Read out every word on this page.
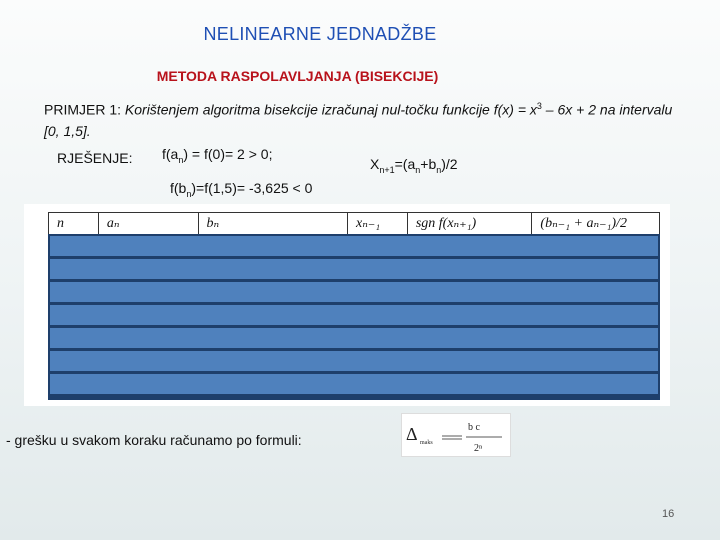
NELINEARNE JEDNADŽBE
METODA RASPOLAVLJANJA (BISEKCIJE)
PRIMJER 1: Korištenjem algoritma bisekcije izračunaj nul-točku funkcije $f(x) = x^3 - 6x + 2$ na intervalu [0, 1,5].
RJEŠENJE: $f(a_n) = f(0)= 2 > 0$;
$f(b_n)=f(1,5)= -3,625 < 0$
$X_{n+1}=(a_n+b_n)/2$
n	aₙ	bₙ	xₙ₋₁	sgn f(xₙ₊₁)	(bₙ₋₁ + aₙ₋₁)/2
- grešku u svakom koraku računamo po formuli:	Δ maks
b c
2ⁿ
16
